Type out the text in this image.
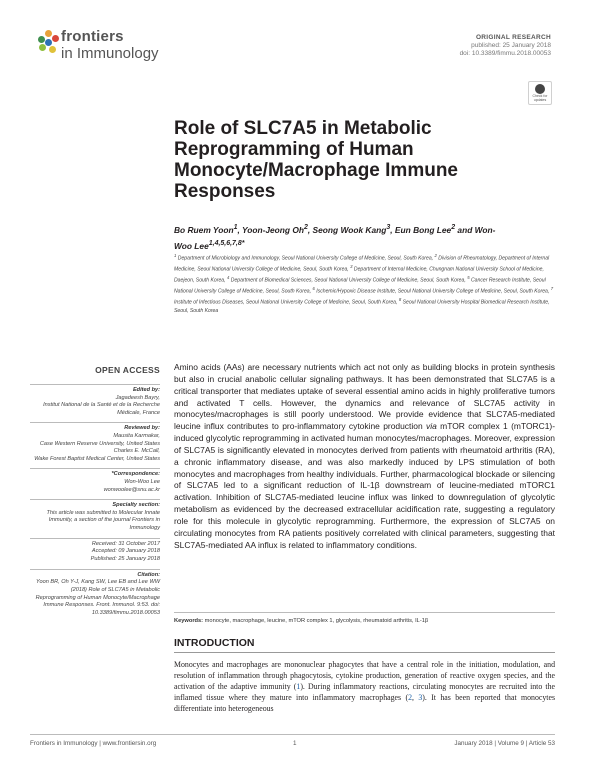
frontiers
in Immunology
ORIGINAL RESEARCH
published: 25 January 2018
doi: 10.3389/fimmu.2018.00053
Check for
updates
Role of SLC7A5 in Metabolic Reprogramming of Human Monocyte/Macrophage Immune Responses
Bo Ruem Yoon$^1$, Yoon-Jeong Oh$^2$, Seong Wook Kang$^3$, Eun Bong Lee$^2$ and Won-Woo Lee$^{1,4,5,6,7,8*}$
$^1$ Department of Microbiology and Immunology, Seoul National University College of Medicine, Seoul, South Korea, $^2$ Division of Rheumatology, Department of Internal Medicine, Seoul National University College of Medicine, Seoul, South Korea, $^3$ Department of Internal Medicine, Chungnam National University School of Medicine, Daejeon, South Korea, $^4$ Department of Biomedical Sciences, Seoul National University College of Medicine, Seoul, South Korea, $^5$ Cancer Research Institute, Seoul National University College of Medicine, Seoul, South Korea, $^6$ Ischemic/Hypoxic Disease Institute, Seoul National University College of Medicine, Seoul, South Korea, $^7$ Institute of Infectious Diseases, Seoul National University College of Medicine, Seoul, South Korea, $^8$ Seoul National University Hospital Biomedical Research Institute, Seoul, South Korea
OPEN ACCESS
Edited by:
Jagadeesh Bayry,
Institut National de la Santé et de la Recherche Médicale, France
Reviewed by:
Mausita Karmakar,
Case Western Reserve University, United States
Charles E. McCall,
Wake Forest Baptist Medical Center, United States
*Correspondence:
Won-Woo Lee
wonwoolee@snu.ac.kr
Specialty section:
This article was submitted to Molecular Innate Immunity, a section of the journal Frontiers in Immunology
Received: 31 October 2017
Accepted: 09 January 2018
Published: 25 January 2018
Citation:
Yoon BR, Oh Y-J, Kang SW, Lee EB and Lee WW (2018) Role of SLC7A5 in Metabolic Reprogramming of Human Monocyte/Macrophage Immune Responses. Front. Immunol. 9:53. doi: 10.3389/fimmu.2018.00053
Amino acids (AAs) are necessary nutrients which act not only as building blocks in protein synthesis but also in crucial anabolic cellular signaling pathways. It has been demonstrated that SLC7A5 is a critical transporter that mediates uptake of several essential amino acids in highly proliferative tumors and activated T cells. However, the dynamics and relevance of SLC7A5 activity in monocytes/macrophages is still poorly understood. We provide evidence that SLC7A5-mediated leucine influx contributes to pro-inflammatory cytokine production via mTOR complex 1 (mTORC1)-induced glycolytic reprogramming in activated human monocytes/macrophages. Moreover, expression of SLC7A5 is significantly elevated in monocytes derived from patients with rheumatoid arthritis (RA), a chronic inflammatory disease, and was also markedly induced by LPS stimulation of both monocytes and macrophages from healthy individuals. Further, pharmacological blockade or silencing of SLC7A5 led to a significant reduction of IL-1β downstream of leucine-mediated mTORC1 activation. Inhibition of SLC7A5-mediated leucine influx was linked to downregulation of glycolytic metabolism as evidenced by the decreased extracellular acidification rate, suggesting a regulatory role for this molecule in glycolytic reprogramming. Furthermore, the expression of SLC7A5 on circulating monocytes from RA patients positively correlated with clinical parameters, suggesting that SLC7A5-mediated AA influx is related to inflammatory conditions.
Keywords: monocyte, macrophage, leucine, mTOR complex 1, glycolysis, rheumatoid arthritis, IL-1β
INTRODUCTION
Monocytes and macrophages are mononuclear phagocytes that have a central role in the initiation, modulation, and resolution of inflammation through phagocytosis, cytokine production, generation of reactive oxygen species, and the activation of the adaptive immunity (1). During inflammatory reactions, circulating monocytes are recruited into the inflamed tissue where they mature into inflammatory macrophages (2, 3). It has been reported that monocytes differentiate into heterogeneous
Frontiers in Immunology | www.frontiersin.org	1	January 2018 | Volume 9 | Article 53
